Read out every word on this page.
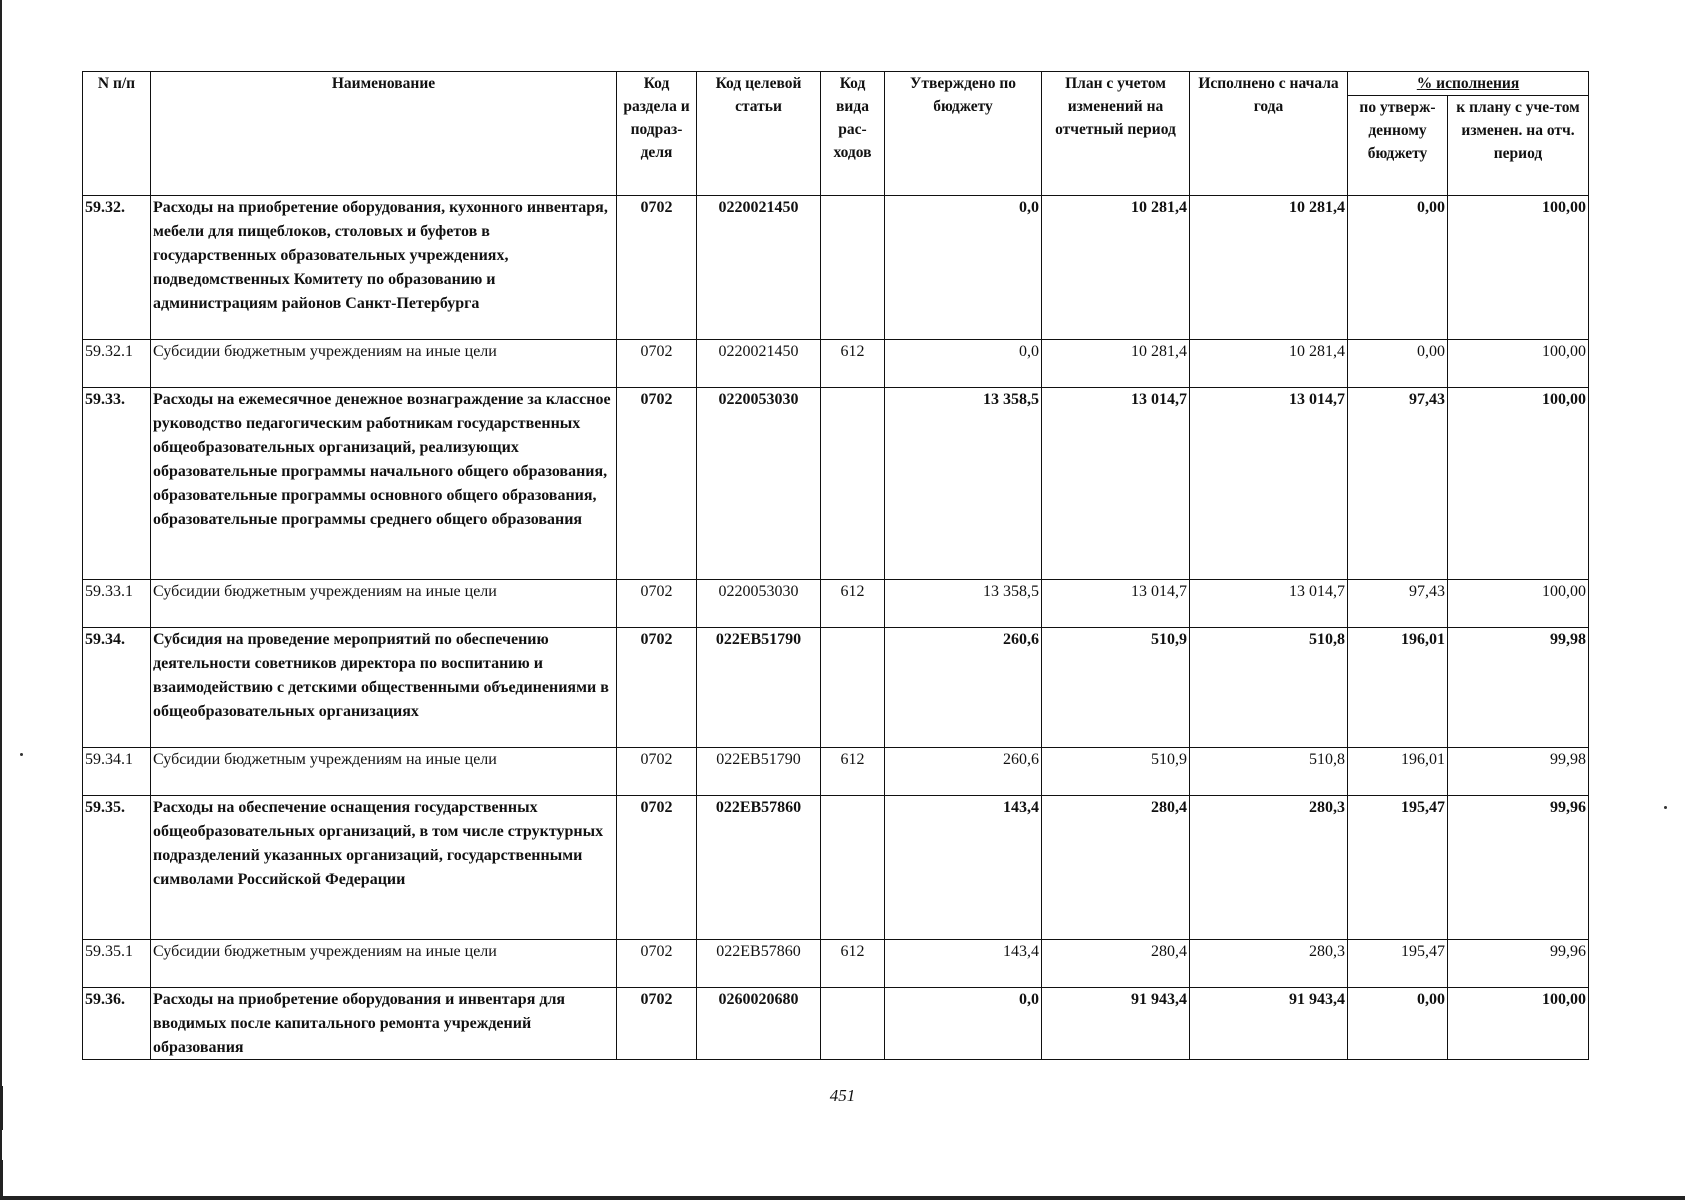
N п/п	Наименование	Код раздела и подраз-деля	Код целевой статьи	Код вида рас-ходов	Утверждено по бюджету	План с учетом изменений на отчетный период	Исполнено с начала года	% исполнения	
								по утверж-денному бюджету	к плану с уче-том изменен. на отч. период

59.32.	Расходы на приобретение оборудования, кухонного инвентаря, мебели для пищеблоков, столовых и буфетов в государственных образовательных учреждениях, подведомственных Комитету по образованию и администрациям районов Санкт-Петербурга	0702	0220021450		0,0	10 281,4	10 281,4	0,00	100,00

59.32.1	Субсидии бюджетным учреждениям на иные цели	0702	0220021450	612	0,0	10 281,4	10 281,4	0,00	100,00

59.33.	Расходы на ежемесячное денежное вознаграждение за классное руководство педагогическим работникам государственных общеобразовательных организаций, реализующих образовательные программы начального общего образования, образовательные программы основного общего образования, образовательные программы среднего общего образования	0702	0220053030		13 358,5	13 014,7	13 014,7	97,43	100,00

59.33.1	Субсидии бюджетным учреждениям на иные цели	0702	0220053030	612	13 358,5	13 014,7	13 014,7	97,43	100,00

59.34.	Субсидия на проведение мероприятий по обеспечению деятельности советников директора по воспитанию и взаимодействию с детскими общественными объединениями в общеобразовательных организациях	0702	022EB51790		260,6	510,9	510,8	196,01	99,98

59.34.1	Субсидии бюджетным учреждениям на иные цели	0702	022EB51790	612	260,6	510,9	510,8	196,01	99,98

59.35.	Расходы на обеспечение оснащения государственных общеобразовательных организаций, в том числе структурных подразделений указанных организаций, государственными символами Российской Федерации	0702	022EB57860		143,4	280,4	280,3	195,47	99,96

59.35.1	Субсидии бюджетным учреждениям на иные цели	0702	022EB57860	612	143,4	280,4	280,3	195,47	99,96

59.36.	Расходы на приобретение оборудования и инвентаря для вводимых после капитального ремонта учреждений образования	0702	0260020680		0,0	91 943,4	91 943,4	0,00	100,00
451
